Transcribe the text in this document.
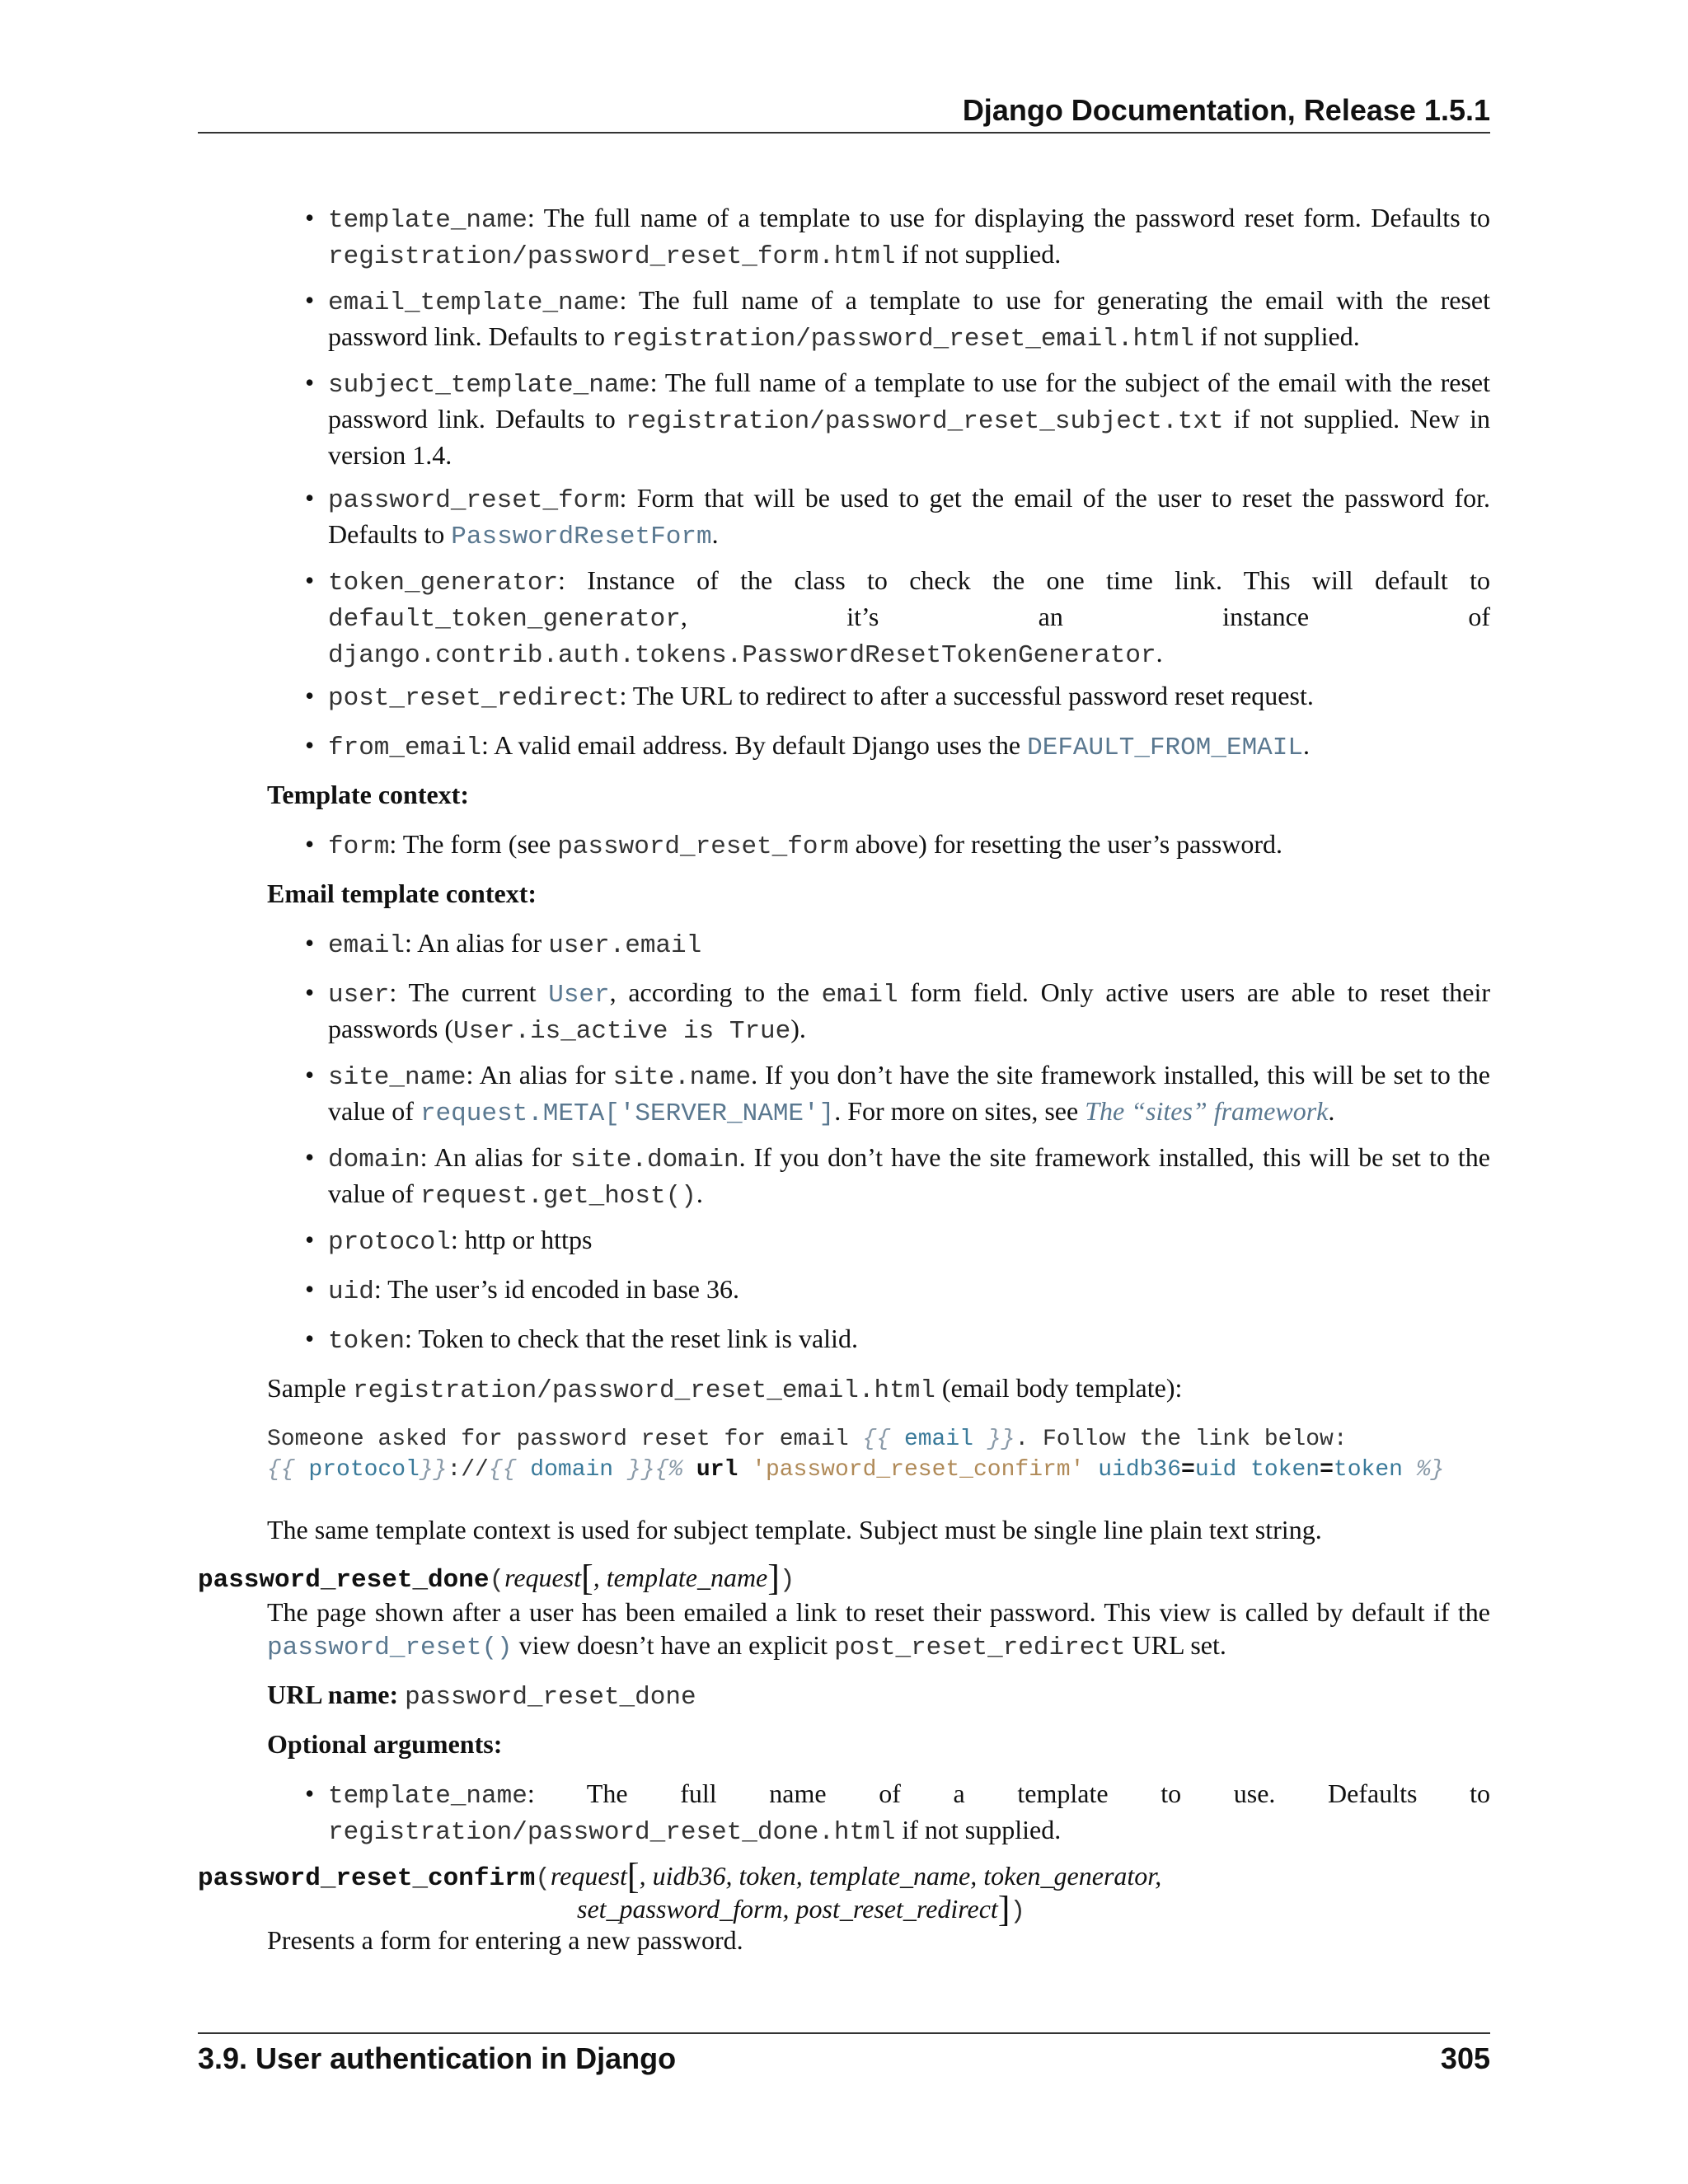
Django Documentation, Release 1.5.1
• template_name: The full name of a template to use for displaying the password reset form. Defaults to registration/password_reset_form.html if not supplied.
• email_template_name: The full name of a template to use for generating the email with the reset password link. Defaults to registration/password_reset_email.html if not supplied.
• subject_template_name: The full name of a template to use for the subject of the email with the reset password link. Defaults to registration/password_reset_subject.txt if not supplied. New in version 1.4.
• password_reset_form: Form that will be used to get the email of the user to reset the password for. Defaults to PasswordResetForm.
• token_generator: Instance of the class to check the one time link. This will default to default_token_generator, it’s an instance of django.contrib.auth.tokens.PasswordResetTokenGenerator.
• post_reset_redirect: The URL to redirect to after a successful password reset request.
• from_email: A valid email address. By default Django uses the DEFAULT_FROM_EMAIL.
Template context:
• form: The form (see password_reset_form above) for resetting the user’s password.
Email template context:
• email: An alias for user.email
• user: The current User, according to the email form field. Only active users are able to reset their passwords (User.is_active is True).
• site_name: An alias for site.name. If you don’t have the site framework installed, this will be set to the value of request.META['SERVER_NAME']. For more on sites, see The “sites” framework.
• domain: An alias for site.domain. If you don’t have the site framework installed, this will be set to the value of request.get_host().
• protocol: http or https
• uid: The user’s id encoded in base 36.
• token: Token to check that the reset link is valid.
Sample registration/password_reset_email.html (email body template):
Someone asked for password reset for email {{ email }}. Follow the link below:
{{ protocol}}://{{ domain }}{% url 'password_reset_confirm' uidb36=uid token=token %}
The same template context is used for subject template. Subject must be single line plain text string.
password_reset_done(request[, template_name])
The page shown after a user has been emailed a link to reset their password. This view is called by default if the password_reset() view doesn’t have an explicit post_reset_redirect URL set.
URL name: password_reset_done
Optional arguments:
• template_name: The full name of a template to use. Defaults to registration/password_reset_done.html if not supplied.
password_reset_confirm(request[, uidb36, token, template_name, token_generator,
set_password_form, post_reset_redirect])
Presents a form for entering a new password.
3.9. User authentication in Django	305
